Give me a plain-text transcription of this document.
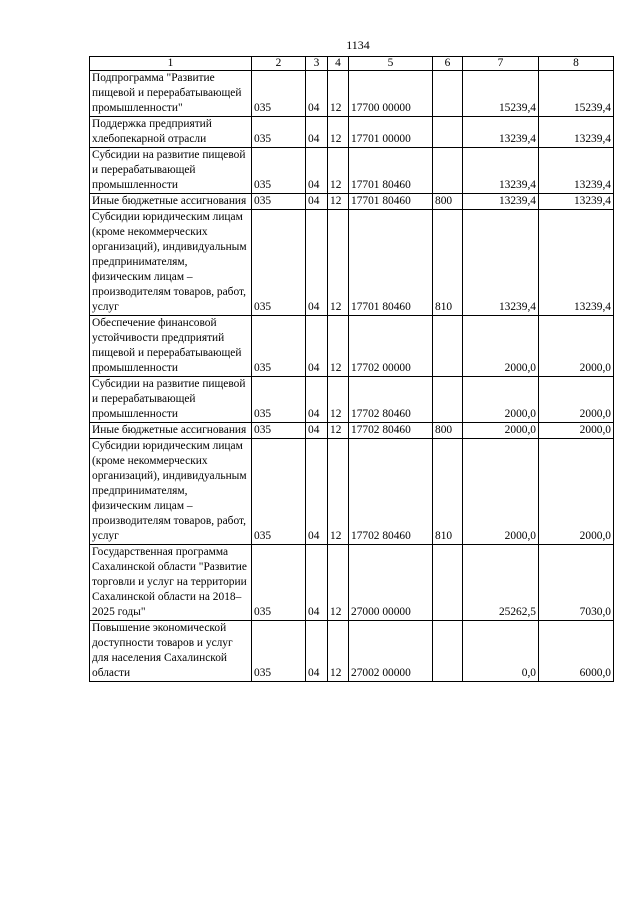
1134
1	2	3	4	5	6	7	8
Подпрограмма "Развитие пищевой и перерабатывающей промышленности"	035	04	12	17700 00000		15239,4	15239,4
Поддержка предприятий хлебопекарной отрасли	035	04	12	17701 00000		13239,4	13239,4
Субсидии на развитие пищевой и перерабатывающей промышленности	035	04	12	17701 80460		13239,4	13239,4
Иные бюджетные ассигнования	035	04	12	17701 80460	800	13239,4	13239,4
Субсидии юридическим лицам (кроме некоммерческих организаций), индивидуальным предпринимателям, физическим лицам – производителям товаров, работ, услуг	035	04	12	17701 80460	810	13239,4	13239,4
Обеспечение финансовой устойчивости предприятий пищевой и перерабатывающей промышленности	035	04	12	17702 00000		2000,0	2000,0
Субсидии на развитие пищевой и перерабатывающей промышленности	035	04	12	17702 80460		2000,0	2000,0
Иные бюджетные ассигнования	035	04	12	17702 80460	800	2000,0	2000,0
Субсидии юридическим лицам (кроме некоммерческих организаций), индивидуальным предпринимателям, физическим лицам – производителям товаров, работ, услуг	035	04	12	17702 80460	810	2000,0	2000,0
Государственная программа Сахалинской области "Развитие торговли и услуг на территории Сахалинской области на 2018–2025 годы"	035	04	12	27000 00000		25262,5	7030,0
Повышение экономической доступности товаров и услуг для населения Сахалинской области	035	04	12	27002 00000		0,0	6000,0
